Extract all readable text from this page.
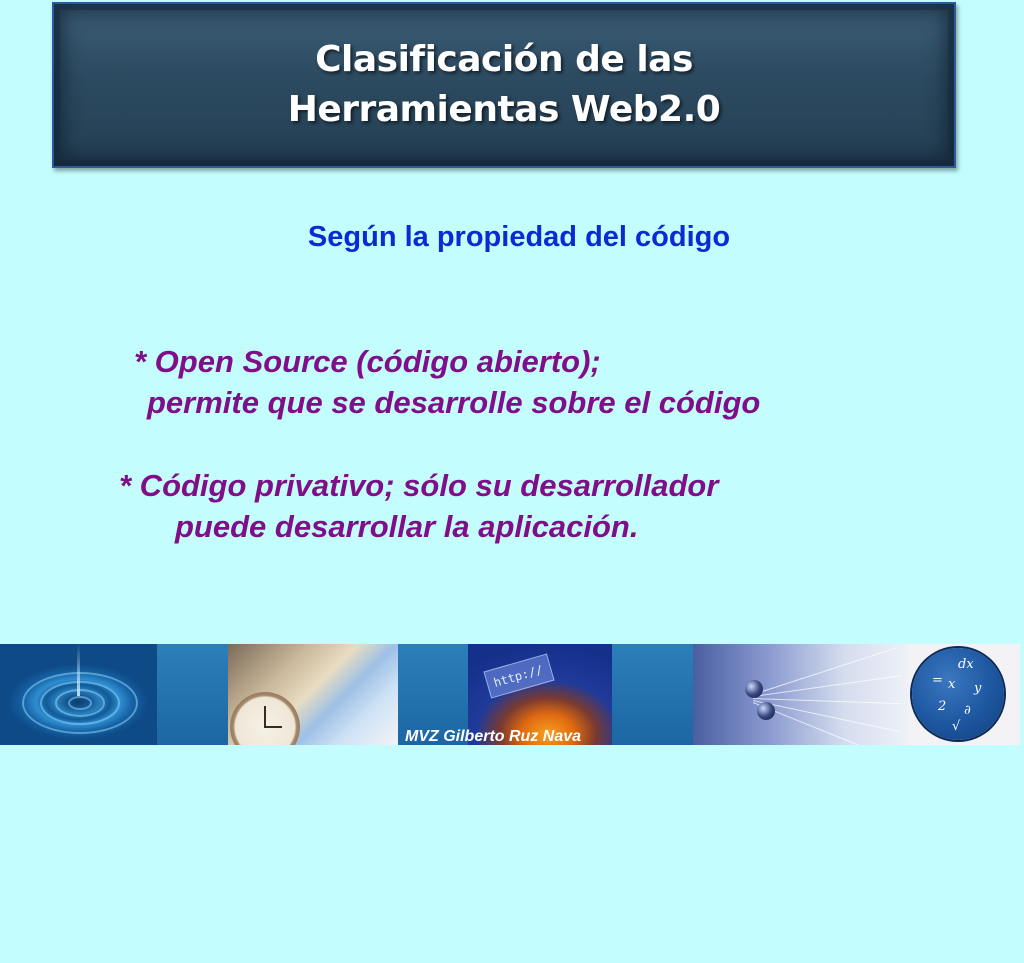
Clasificación de las
Herramientas Web2.0
Según la propiedad del código
* Open Source (código abierto);
permite que se desarrolle sobre el código
* Código privativo; sólo su desarrollador
puede desarrollar la aplicación.
http://	dx
= x y
2 ∂
√
MVZ Gilberto Ruz Nava
